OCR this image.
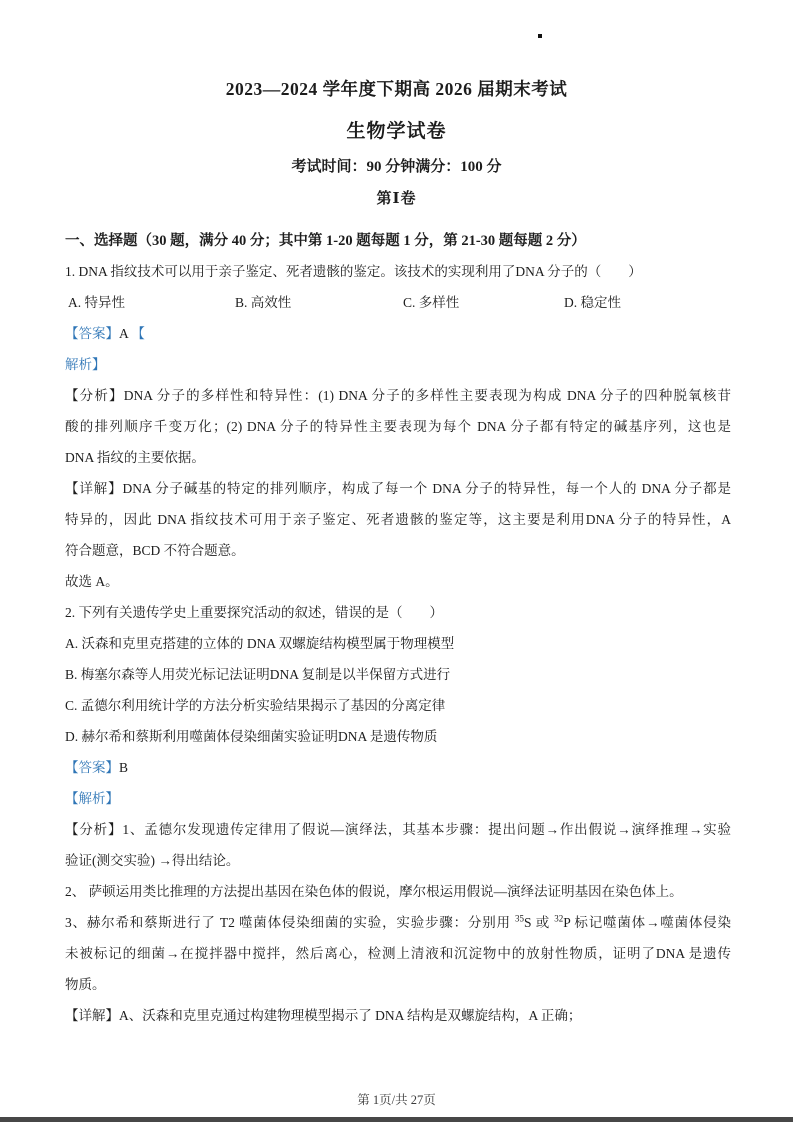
2023—2024 学年度下期高 2026 届期末考试
生物学试卷
考试时间：90 分钟满分：100 分
第Ⅰ卷
一、选择题（30 题，满分 40 分；其中第 1-20 题每题 1 分，第 21-30 题每题 2 分）
1. DNA 指纹技术可以用于亲子鉴定、死者遗骸的鉴定。该技术的实现利用了DNA 分子的（　　）
A. 特异性	B. 高效性	C. 多样性	D. 稳定性
【答案】A 【
解析】
【分析】DNA 分子的多样性和特异性：(1) DNA 分子的多样性主要表现为构成 DNA 分子的四种脱氧核苷
酸的排列顺序千变万化；(2) DNA 分子的特异性主要表现为每个 DNA 分子都有特定的碱基序列，这也是
DNA 指纹的主要依据。
【详解】DNA 分子碱基的特定的排列顺序，构成了每一个 DNA 分子的特异性，每一个人的 DNA 分子都是
特异的，因此 DNA 指纹技术可用于亲子鉴定、死者遗骸的鉴定等，这主要是利用DNA 分子的特异性，A
符合题意，BCD 不符合题意。
故选 A。
2. 下列有关遗传学史上重要探究活动的叙述，错误的是（　　）
A. 沃森和克里克搭建的立体的 DNA 双螺旋结构模型属于物理模型
B. 梅塞尔森等人用荧光标记法证明DNA 复制是以半保留方式进行
C. 孟德尔利用统计学的方法分析实验结果揭示了基因的分离定律
D. 赫尔希和蔡斯利用噬菌体侵染细菌实验证明DNA 是遗传物质
【答案】B
【解析】
【分析】1、孟德尔发现遗传定律用了假说—演绎法，其基本步骤：提出问题→作出假说→演绎推理→实验
验证(测交实验) →得出结论。
2、 萨顿运用类比推理的方法提出基因在染色体的假说，摩尔根运用假说—演绎法证明基因在染色体上。
3、赫尔希和蔡斯进行了 T2 噬菌体侵染细菌的实验，实验步骤：分别用 $^{35}$S 或 $^{32}$P 标记噬菌体→噬菌体侵染
未被标记的细菌→在搅拌器中搅拌，然后离心，检测上清液和沉淀物中的放射性物质，证明了DNA 是遗传
物质。
【详解】A、沃森和克里克通过构建物理模型揭示了 DNA 结构是双螺旋结构，A 正确；
第 1页/共 27页
